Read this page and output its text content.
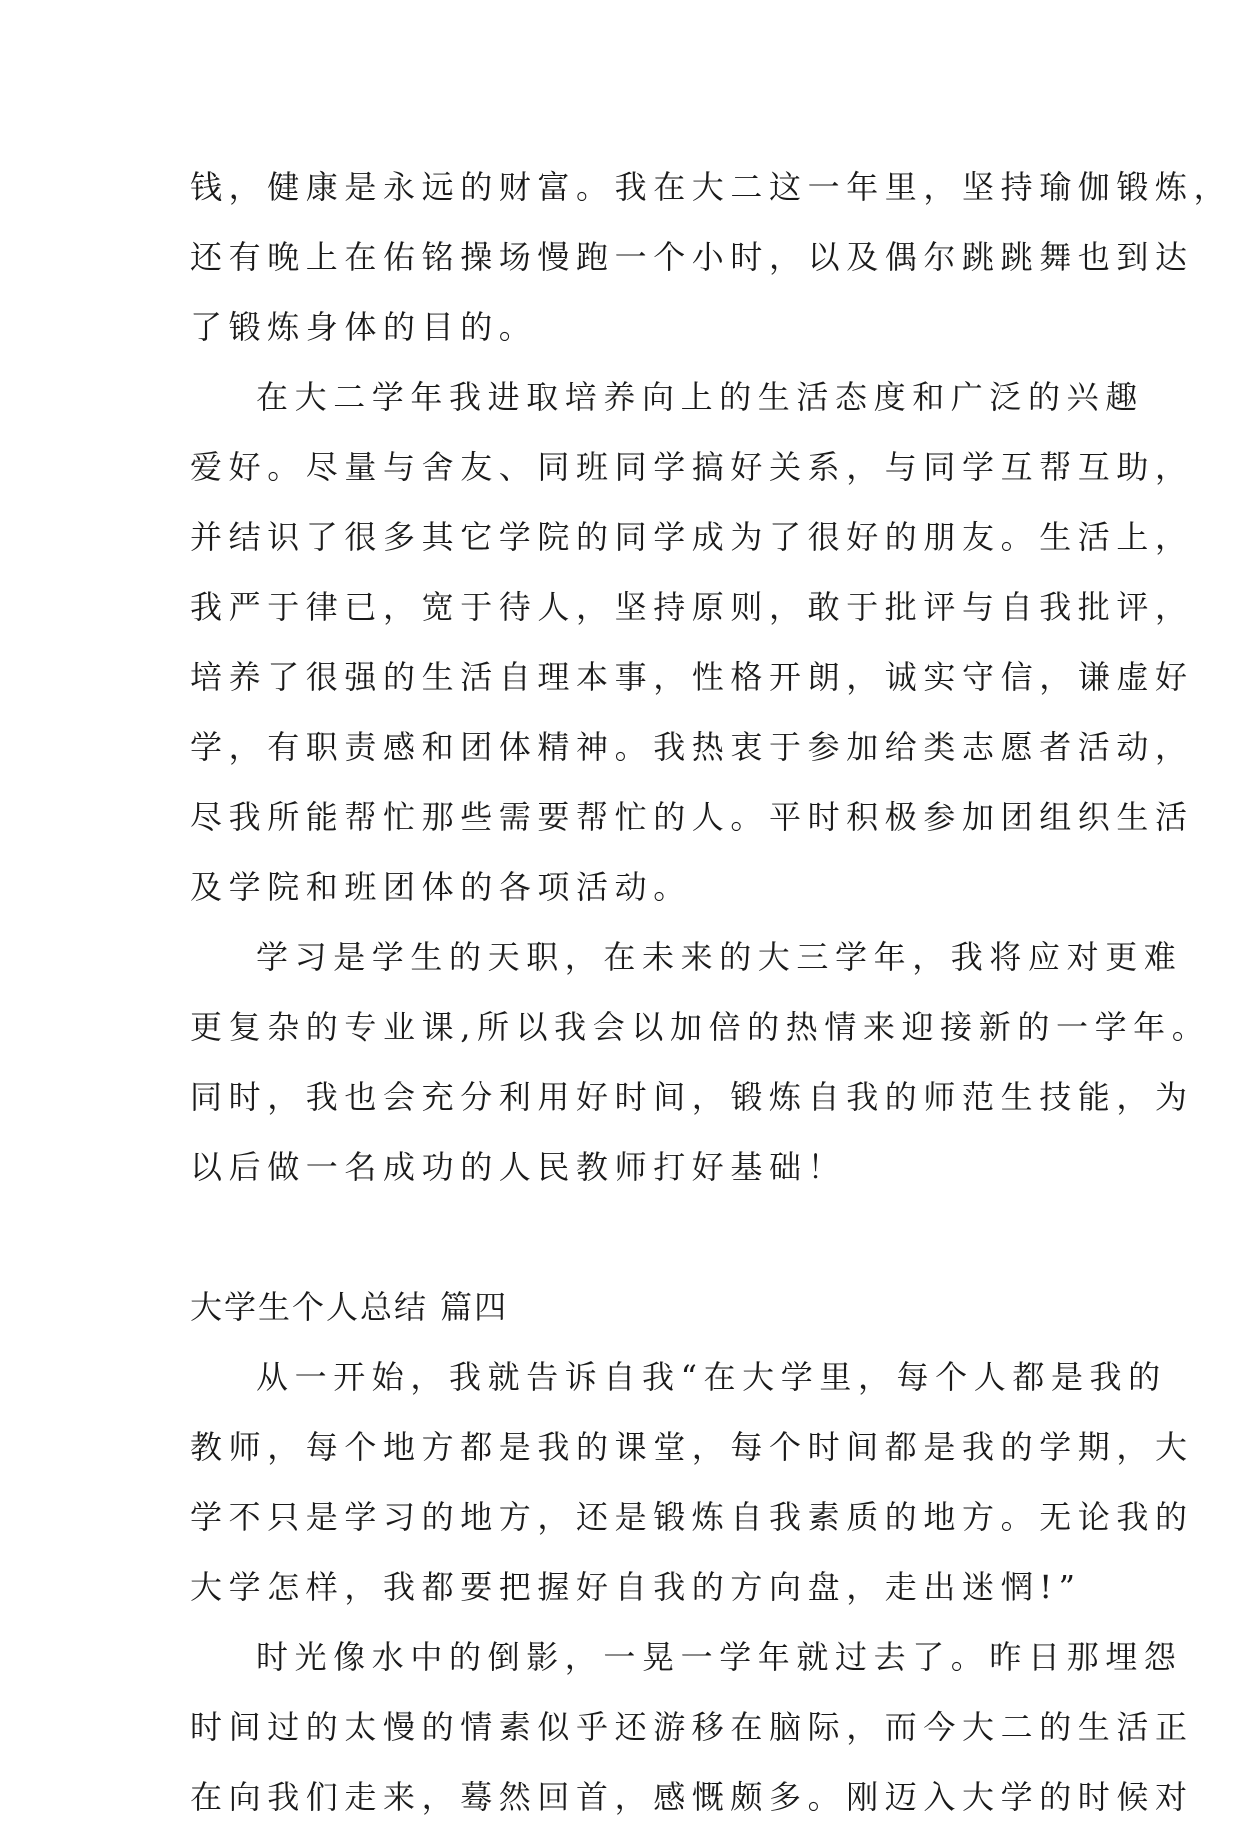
钱，健康是永远的财富。我在大二这一年里，坚持瑜伽锻炼，
还有晚上在佑铭操场慢跑一个小时，以及偶尔跳跳舞也到达
了锻炼身体的目的。
在大二学年我进取培养向上的生活态度和广泛的兴趣
爱好。尽量与舍友、同班同学搞好关系，与同学互帮互助，
并结识了很多其它学院的同学成为了很好的朋友。生活上，
我严于律已，宽于待人，坚持原则，敢于批评与自我批评，
培养了很强的生活自理本事，性格开朗，诚实守信，谦虚好
学，有职责感和团体精神。我热衷于参加给类志愿者活动，
尽我所能帮忙那些需要帮忙的人。平时积极参加团组织生活
及学院和班团体的各项活动。
学习是学生的天职，在未来的大三学年，我将应对更难
更复杂的专业课,所以我会以加倍的热情来迎接新的一学年。
同时，我也会充分利用好时间，锻炼自我的师范生技能，为
以后做一名成功的人民教师打好基础！
大学生个人总结 篇四
从一开始，我就告诉自我“在大学里，每个人都是我的
教师，每个地方都是我的课堂，每个时间都是我的学期，大
学不只是学习的地方，还是锻炼自我素质的地方。无论我的
大学怎样，我都要把握好自我的方向盘，走出迷惘!”
时光像水中的倒影，一晃一学年就过去了。昨日那埋怨
时间过的太慢的情素似乎还游移在脑际，而今大二的生活正
在向我们走来，蓦然回首，感慨颇多。刚迈入大学的时候对
